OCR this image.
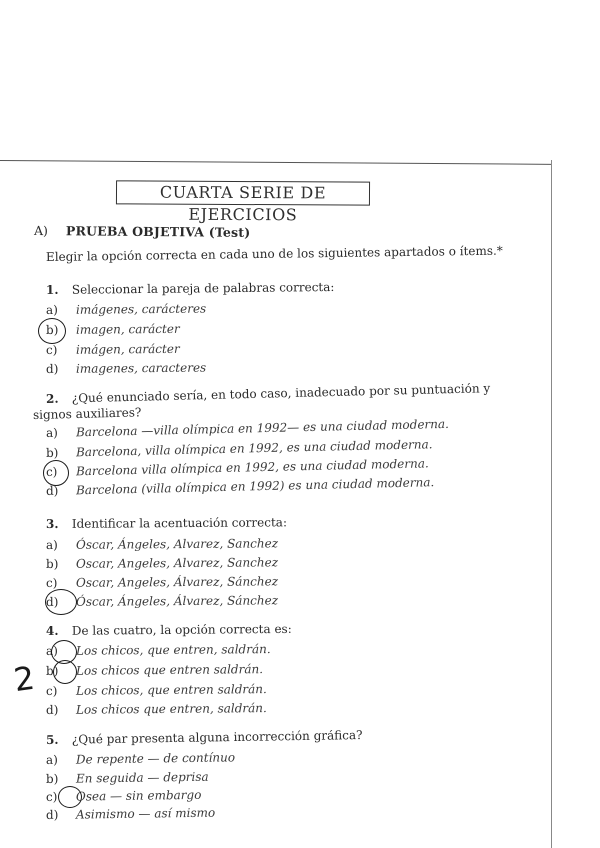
CUARTA SERIE DE EJERCICIOS
A) PRUEBA OBJETIVA (Test)
Elegir la opción correcta en cada uno de los siguientes apartados o ítems.*
1. Seleccionar la pareja de palabras correcta:
a) imágenes, carácteres
b) imagen, carácter
c) imágen, carácter
d) imagenes, caracteres
2. ¿Qué enunciado sería, en todo caso, inadecuado por su puntuación y
signos auxiliares?
a) Barcelona —villa olímpica en 1992— es una ciudad moderna.
b) Barcelona, villa olímpica en 1992, es una ciudad moderna.
c) Barcelona villa olímpica en 1992, es una ciudad moderna.
d) Barcelona (villa olímpica en 1992) es una ciudad moderna.
3. Identificar la acentuación correcta:
a) Óscar, Ángeles, Alvarez, Sanchez
b) Oscar, Angeles, Alvarez, Sanchez
c) Oscar, Angeles, Álvarez, Sánchez
d) Óscar, Ángeles, Álvarez, Sánchez
4. De las cuatro, la opción correcta es:
a) Los chicos, que entren, saldrán.
b) Los chicos que entren saldrán.
c) Los chicos, que entren saldrán.
d) Los chicos que entren, saldrán.
2
5. ¿Qué par presenta alguna incorrección gráfica?
a) De repente — de contínuo
b) En seguida — deprisa
c) Osea — sin embargo
d) Asimismo — así mismo
